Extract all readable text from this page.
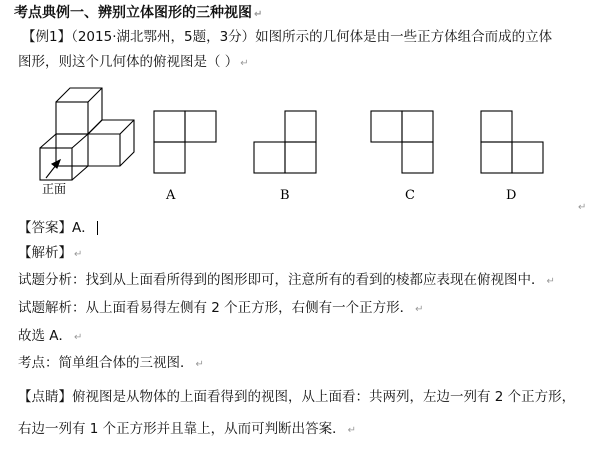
考点典例一、辨别立体图形的三种视图 ↵
【例1】（2015·湖北鄂州，5题，3分）如图所示的几何体是由一些正方体组合而成的立体
图形，则这个几何体的俯视图是（ ） ↵
正面	A	B	C	D
↵
【答案】A．
【解析】 ↵
试题分析：找到从上面看所得到的图形即可，注意所有的看到的棱都应表现在俯视图中． ↵
试题解析：从上面看易得左侧有 2 个正方形，右侧有一个正方形． ↵
故选 A． ↵
考点：简单组合体的三视图． ↵
【点睛】俯视图是从物体的上面看得到的视图，从上面看：共两列，左边一列有 2 个正方形，
右边一列有 1 个正方形并且靠上，从而可判断出答案． ↵
